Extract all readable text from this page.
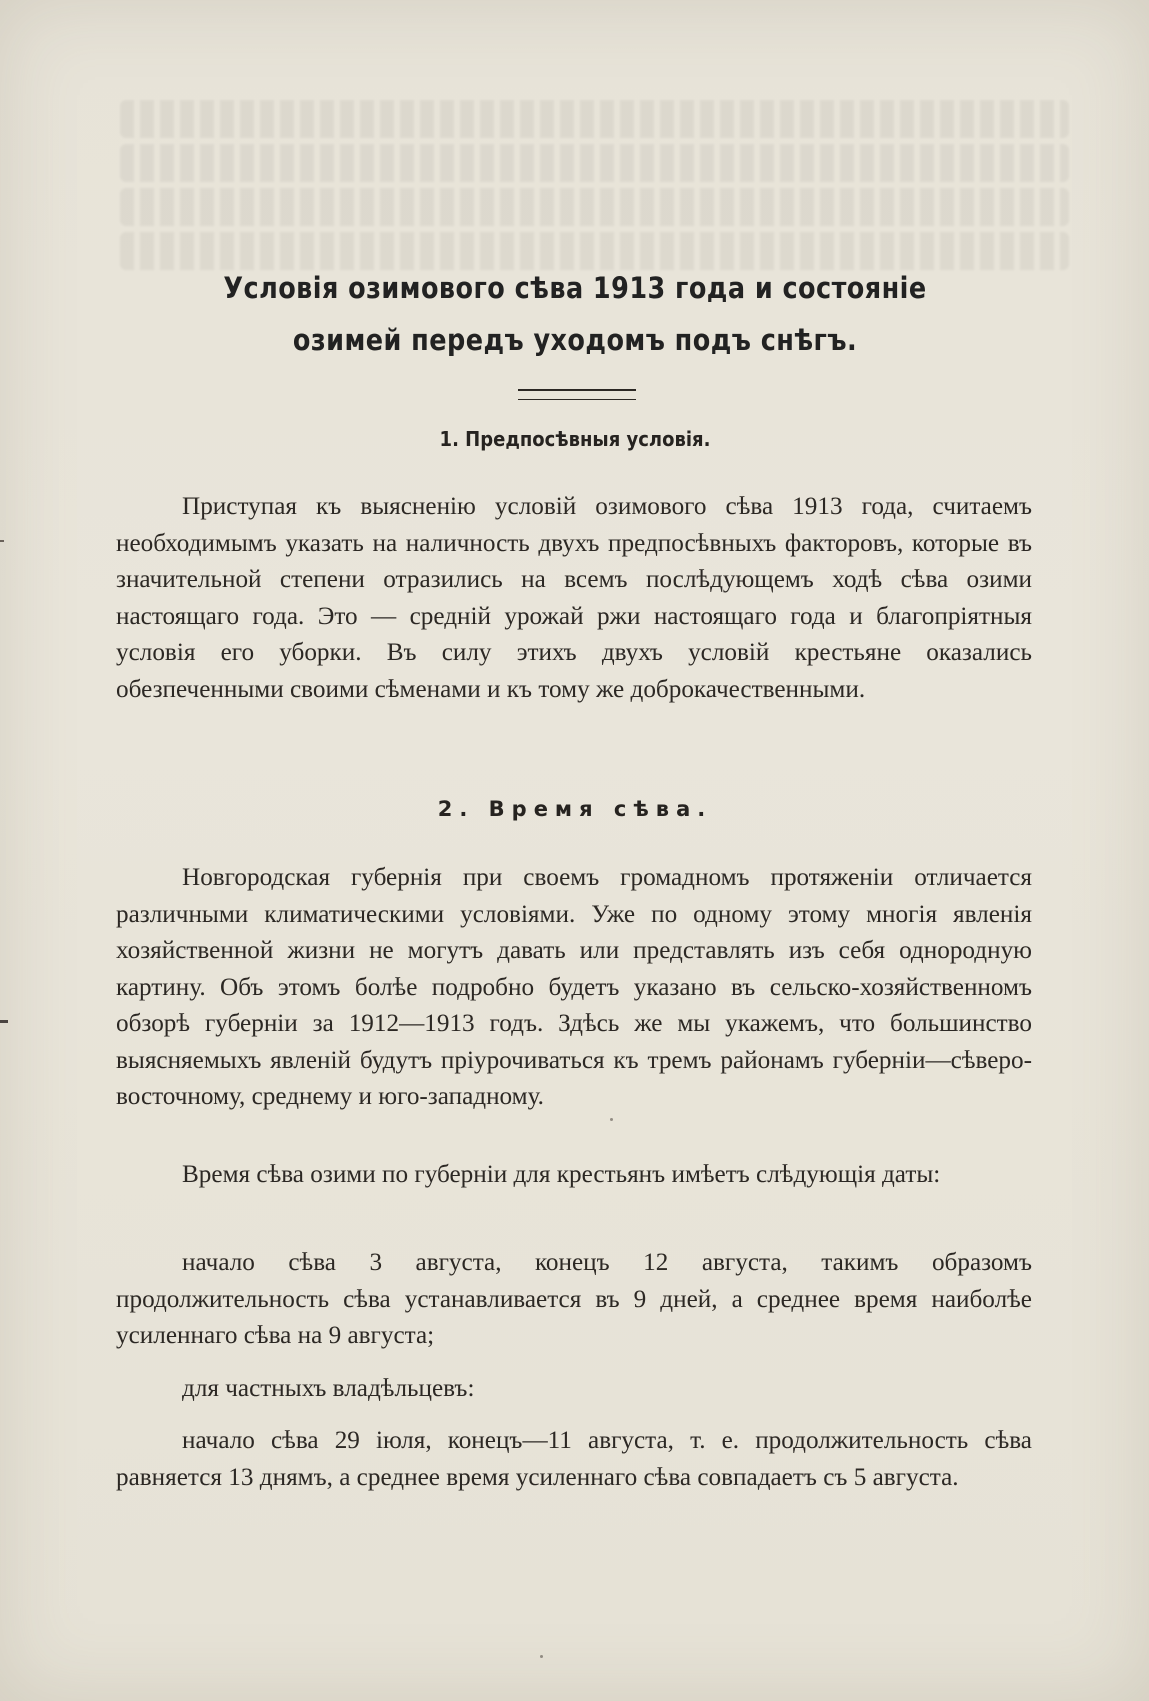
Условія озимового сѣва 1913 года и состояніе озимей передъ уходомъ подъ снѣгъ.
1. Предпосѣвныя условія.

Приступая къ выясненію условій озимового сѣва 1913 года, считаемъ необходимымъ указать на наличность двухъ предпосѣвныхъ факторовъ, которые въ значительной степени отразились на всемъ послѣдующемъ ходѣ сѣва озими настоящаго года. Это — средній урожай ржи настоящаго года и благопріятныя условія его уборки. Въ силу этихъ двухъ условій крестьяне оказались обезпеченными своими сѣменами и къ тому же доброкачественными.

2. Время сѣва.

Новгородская губернія при своемъ громадномъ протяженіи отличается различными климатическими условіями. Уже по одному этому многія явленія хозяйственной жизни не могутъ давать или представлять изъ себя однородную картину. Объ этомъ болѣе подробно будетъ указано въ сельско-хозяйственномъ обзорѣ губерніи за 1912—1913 годъ. Здѣсь же мы укажемъ, что большинство выясняемыхъ явленій будутъ пріурочиваться къ тремъ районамъ губерніи—сѣверо-восточному, среднему и юго-западному.

Время сѣва озими по губерніи для крестьянъ имѣетъ слѣдующія даты:

начало сѣва 3 августа, конецъ 12 августа, такимъ образомъ продолжительность сѣва устанавливается въ 9 дней, а среднее время наиболѣе усиленнаго сѣва на 9 августа;

для частныхъ владѣльцевъ:

начало сѣва 29 іюля, конецъ—11 августа, т. е. продолжительность сѣва равняется 13 днямъ, а среднее время усиленнаго сѣва совпадаетъ съ 5 августа.
